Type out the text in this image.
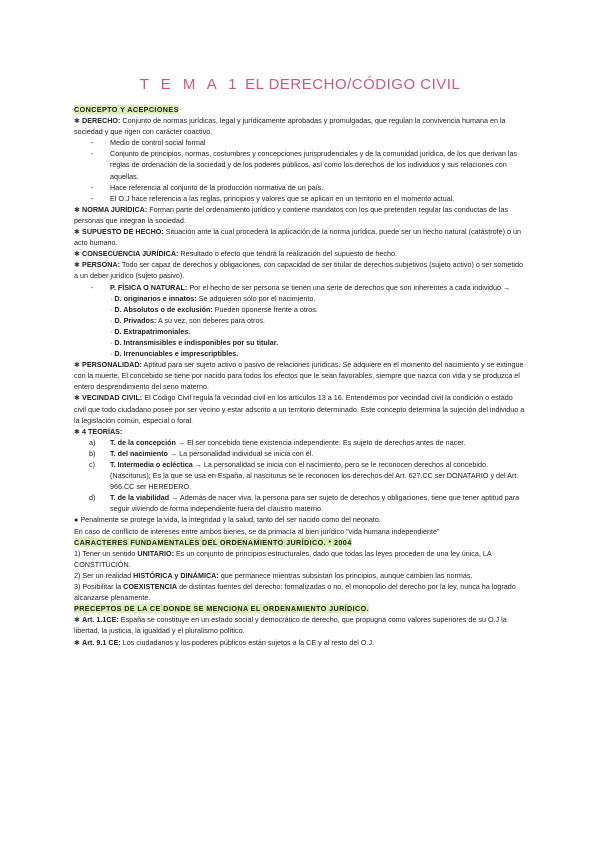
T E M A 1 EL DERECHO/CÓDIGO CIVIL

CONCEPTO Y ACEPCIONES

✱ DERECHO: Conjunto de normas jurídicas, legal y jurídicamente aprobadas y promulgadas, que regulan la convivencia humana en la sociedad y que rigen con carácter coactivo.

- Medio de control social formal

- Conjunto de principios, normas, costumbres y concepciones jurisprudenciales y de la comunidad jurídica, de los que derivan las reglas de ordenación de la sociedad y de los poderes públicos, así como los derechos de los individuos y sus relaciones con aquellas.

- Hace referencia al conjunto de la producción normativa de un país.

- El O.J hace referencia a las reglas, principios y valores que se aplican en un territorio en el momento actual.

✱ NORMA JURÍDICA: Forman parte del ordenamiento jurídico y contiene mandatos con los que pretenden regular las conductas de las personas que integran la sociedad.

✱ SUPUESTO DE HECHO: Situación ante la cual procederá la aplicación de la norma jurídica, puede ser un hecho natural (catástrofe) o un acto humano.

✱ CONSECUENCIA JURÍDICA: Resultado o efecto que tendrá la realización del supuesto de hecho.

✱ PERSONA: Todo ser capaz de derechos y obligaciones, con capacidad de ser titular de derechos subjetivos (sujeto activo) o ser sometido a un deber jurídico (sujeto pasivo).

- P. FÍSICA O NATURAL: Por el hecho de ser persona se tienen una serie de derechos que son inherentes a cada individuo →

· D. originarios e innatos: Se adquieren sólo por el nacimiento.

· D. Absolutos o de exclusión: Pueden oponerse frente a otros.

· D. Privados: A su vez, son deberes para otros.

· D. Extrapatrimoniales.

· D. Intransmisibles e indisponibles por su titular.

· D. Irrenunciables e imprescriptibles.

✱ PERSONALIDAD: Aptitud para ser sujeto activo o pasivo de relaciones jurídicas. Se adquiere en el momento del nacimiento y se extingue con la muerte. El concebido se tiene por nacido para todos los efectos que le sean favorables, siempre que nazca con vida y se produzca el entero desprendimiento del seno materno.

✱ VECINDAD CIVIL: El Código Civil regula la vecindad civil en los artículos 13 a 16. Entendemos por vecindad civil la condición o estado civil que todo ciudadano posee por ser vecino y estar adscrito a un territorio determinado. Este concepto determina la sujeción del individuo a la legislación común, especial o foral.

✱ 4 TEORÍAS:

a) T. de la concepción → El ser concebido tiene existencia independiente. Es sujeto de derechos antes de nacer.

b) T. del nacimiento → La personalidad individual se inicia con él.

c) T. Intermedia o ecléctica → La personalidad se inicia con el nacimiento, pero se le reconocen derechos al concebido. (Nasciturus); Es la que se usa en España, al nasciturus se le reconocen los derechos del Art. 627.CC ser DONATARIO y del Art. 966.CC ser HEREDERO.

d) T. de la viabilidad → Además de nacer viva, la persona para ser sujeto de derechos y obligaciones, tiene que tener aptitud para seguir viviendo de forma independiente fuera del claustro materno.

● Penalmente se protege la vida, la integridad y la salud, tanto del ser nacido como del neonato.

En caso de conflicto de intereses entre ambos bienes, se da primacía al bien jurídico "vida humana independiente"

CARACTERES FUNDAMENTALES DEL ORDENAMIENTO JURÍDICO. * 2004

1) Tener un sentido UNITARIO: Es un conjunto de principios estructurales, dado que todas las leyes proceden de una ley única, LA CONSTITUCIÓN.

2) Ser un realidad HISTÓRICA y DINÁMICA: que permanece mientras subsistan los principios, aunque cambien las normas.

3) Posibilitar la COEXISTENCIA de distintas fuentes del derecho: formalizadas o no, el monopolio del derecho por la ley, nunca ha logrado alcanzarse plenamente.

PRECEPTOS DE LA CE DONDE SE MENCIONA EL ORDENAMIENTO JURÍDICO.

✱ Art. 1.1CE: España se constituye en un estado social y democrático de derecho, que propugna como valores superiores de su O.J la libertad, la justicia, la igualdad y el pluralismo político.

✱ Art. 9.1 CE: Los ciudadanos y los poderes públicos están sujetos a la CE y al resto del O.J.
